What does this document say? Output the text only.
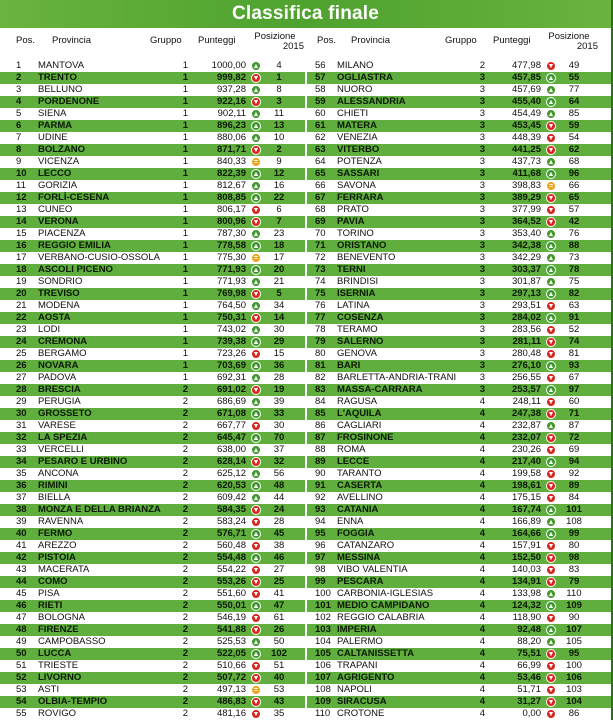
Classifica finale
Pos. Provincia	Gruppo Punteggi	Posizione
2015
1	MANTOVA	1	1000,00 ▲	4
2	TRENTO	1	999,82 ▼	1
3	BELLUNO	1	937,28 ▲	8
4	PORDENONE	1	922,16 ▼	3
5	SIENA	1	902,11 ▲	11
6	PARMA	1	896,23 ▲	13
7	UDINE	1	880,06 ▲	10
8	BOLZANO	1	871,71 ▼	2
9	VICENZA	1	840,33	=	9
10	LECCO	1	822,39 ▲	12
11	GORIZIA	1	812,67 ▲	16
12	FORLÌ-CESENA	1	808,85 ▲	22
13	CUNEO	1	806,17 ▼	6
14	VERONA	1	800,96 ▼	7
15	PIACENZA	1	787,30 ▲	23
16	REGGIO EMILIA	1	778,58 ▲	18
17	VERBANO-CUSIO-OSSOLA	1	775,30	=	17
18	ASCOLI PICENO	1	771,93 ▲	20
19	SONDRIO	1	771,93 ▲	21
20	TREVISO	1	769,98 ▼	5
21	MODENA	1	764,50 ▲	34
22	AOSTA	1	750,31 ▼	14
23	LODI	1	743,02 ▲	30
24	CREMONA	1	739,38 ▲	29
25	BERGAMO	1	723,26 ▼	15
26	NOVARA	1	703,69 ▲	36
27	PADOVA	1	692,31 ▲	28
28	BRESCIA	2	691,02 ▼	19
29	PERUGIA	2	686,69 ▲	39
30	GROSSETO	2	671,08 ▲	33
31	VARESE	2	667,77 ▼	30
32	LA SPEZIA	2	645,47 ▲	70
33	VERCELLI	2	638,00 ▲	37
34	PESARO E URBINO	2	628,14 ▼	32
35	ANCONA	2	625,12 ▲	56
36	RIMINI	2	620,53 ▲	48
37	BIELLA	2	609,42 ▲	44
38	MONZA E DELLA BRIANZA	2	584,35 ▼	24
39	RAVENNA	2	583,24 ▼	28
40	FERMO	2	576,71 ▲	45
41	AREZZO	2	560,48 ▼	38
42	PISTOIA	2	554,48 ▲	46
43	MACERATA	2	554,22 ▼	27
44	COMO	2	553,26 ▼	25
45	PISA	2	551,60 ▼	41
46	RIETI	2	550,01 ▲	47
47	BOLOGNA	2	546,19 ▼	61
48	FIRENZE	2	541,88 ▼	26
49	CAMPOBASSO	2	525,53 ▲	50
50	LUCCA	2	522,05 ▲	102
51	TRIESTE	2	510,66 ▼	51
52	LIVORNO	2	507,72 ▼	40
53	ASTI	2	497,13	=	53
54	OLBIA-TEMPIO	2	486,83 ▼	43
55	ROVIGO	2	481,16 ▼	35
Pos. Provincia	Gruppo Punteggi	Posizione
2015
56	MILANO	2	477,98 ▼	49
57	OGLIASTRA	3	457,85 ▲	55
58	NUORO	3	457,69 ▲	77
59	ALESSANDRIA	3	455,40 ▲	64
60	CHIETI	3	454,49 ▲	85
61	MATERA	3	453,45 ▼	59
62	VENEZIA	3	448,39 ▼	54
63	VITERBO	3	441,25 ▼	62
64	POTENZA	3	437,73 ▲	68
65	SASSARI	3	411,68 ▲	96
66	SAVONA	3	398,83	=	66
67	FERRARA	3	389,29 ▼	65
68	PRATO	3	377,99 ▼	57
69	PAVIA	3	364,52 ▼	42
70	TORINO	3	353,40 ▲	76
71	ORISTANO	3	342,38 ▲	88
72	BENEVENTO	3	342,29 ▲	73
73	TERNI	3	303,37 ▲	78
74	BRINDISI	3	301,87 ▲	75
75	ISERNIA	3	297,13 ▲	82
76	LATINA	3	293,51 ▼	63
77	COSENZA	3	284,02 ▲	91
78	TERAMO	3	283,56 ▼	52
79	SALERNO	3	281,11 ▼	74
80	GENOVA	3	280,48 ▼	81
81	BARI	3	276,10 ▲	93
82	BARLETTA-ANDRIA-TRANI	3	256,55 ▼	67
83	MASSA-CARRARA	3	253,57 ▲	97
84	RAGUSA	4	248,11 ▼	60
85	L'AQUILA	4	247,38 ▼	71
86	CAGLIARI	4	232,87 ▲	87
87	FROSINONE	4	232,07 ▼	72
88	ROMA	4	230,26 ▼	69
89	LECCE	4	217,40 ▲	94
90	TARANTO	4	199,58 ▼	92
91	CASERTA	4	198,61 ▼	89
92	AVELLINO	4	175,15 ▼	84
93	CATANIA	4	167,74 ▲	101
94	ENNA	4	166,89 ▲	108
95	FOGGIA	4	164,66 ▲	99
96	CATANZARO	4	157,91 ▼	80
97	MESSINA	4	152,50 ▼	98
98	VIBO VALENTIA	4	140,03 ▼	83
99	PESCARA	4	134,91 ▼	79
100 CARBONIA-IGLESIAS	4	133,98 ▲	110
101 MEDIO CAMPIDANO	4	124,32 ▲	109
102 REGGIO CALABRIA	4	118,90 ▼	90
103 IMPERIA	4	92,48 ▲	107
104 PALERMO	4	88,20 ▲	105
105 CALTANISSETTA	4	75,51 ▼	95
106 TRAPANI	4	66,99 ▼	100
107 AGRIGENTO	4	53,46 ▼	106
108 NAPOLI	4	51,71 ▼	103
109 SIRACUSA	4	31,27 ▼	104
110 CROTONE	4	0,00 ▼	86
